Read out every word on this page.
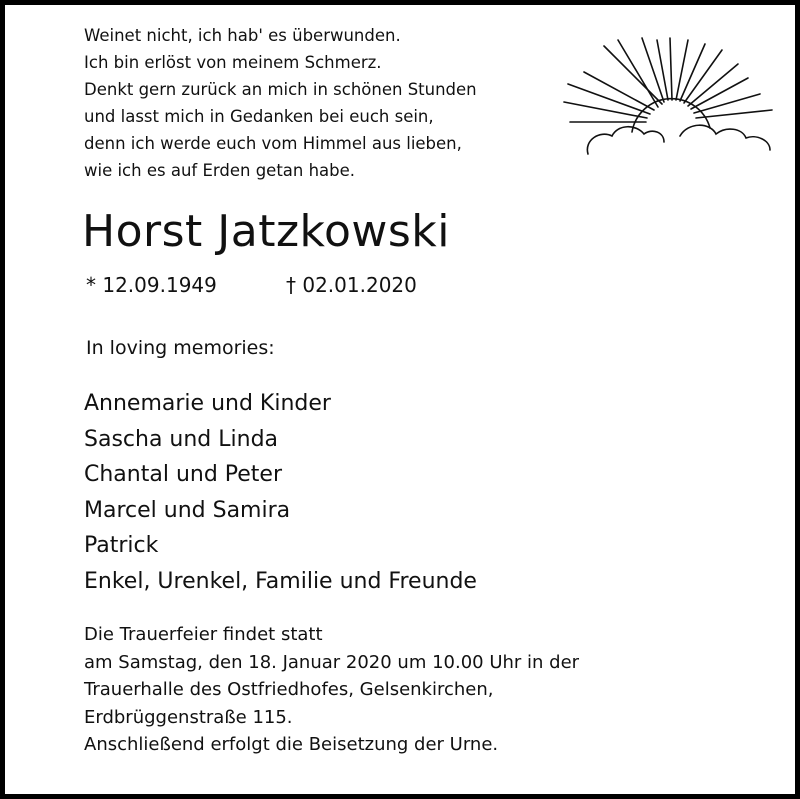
Weinet nicht, ich hab' es überwunden.
Ich bin erlöst von meinem Schmerz.
Denkt gern zurück an mich in schönen Stunden
und lasst mich in Gedanken bei euch sein,
denn ich werde euch vom Himmel aus lieben,
wie ich es auf Erden getan habe.
Horst Jatzkowski
* 12.09.1949	† 02.01.2020
In loving memories:
Annemarie und Kinder
Sascha und Linda
Chantal und Peter
Marcel und Samira
Patrick
Enkel, Urenkel, Familie und Freunde
Die Trauerfeier findet statt
am Samstag, den 18. Januar 2020 um 10.00 Uhr in der
Trauerhalle des Ostfriedhofes, Gelsenkirchen,
Erdbrüggenstraße 115.
Anschließend erfolgt die Beisetzung der Urne.
